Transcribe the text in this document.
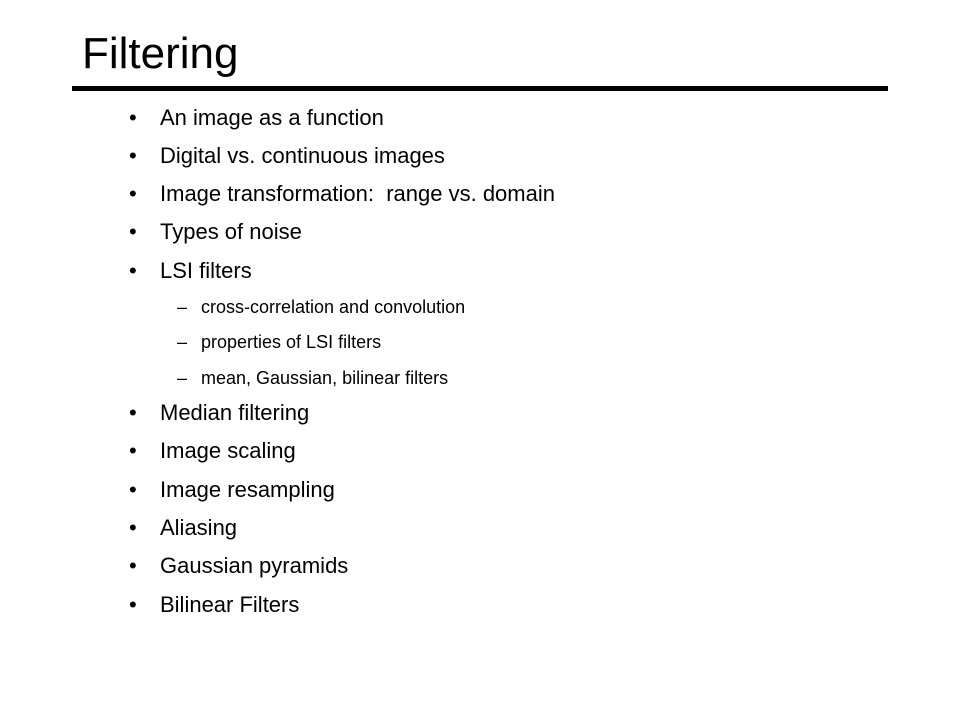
Filtering
• An image as a function
• Digital vs. continuous images
• Image transformation:  range vs. domain
• Types of noise
• LSI filters
– cross-correlation and convolution
– properties of LSI filters
– mean, Gaussian, bilinear filters
• Median filtering
• Image scaling
• Image resampling
• Aliasing
• Gaussian pyramids
• Bilinear Filters
